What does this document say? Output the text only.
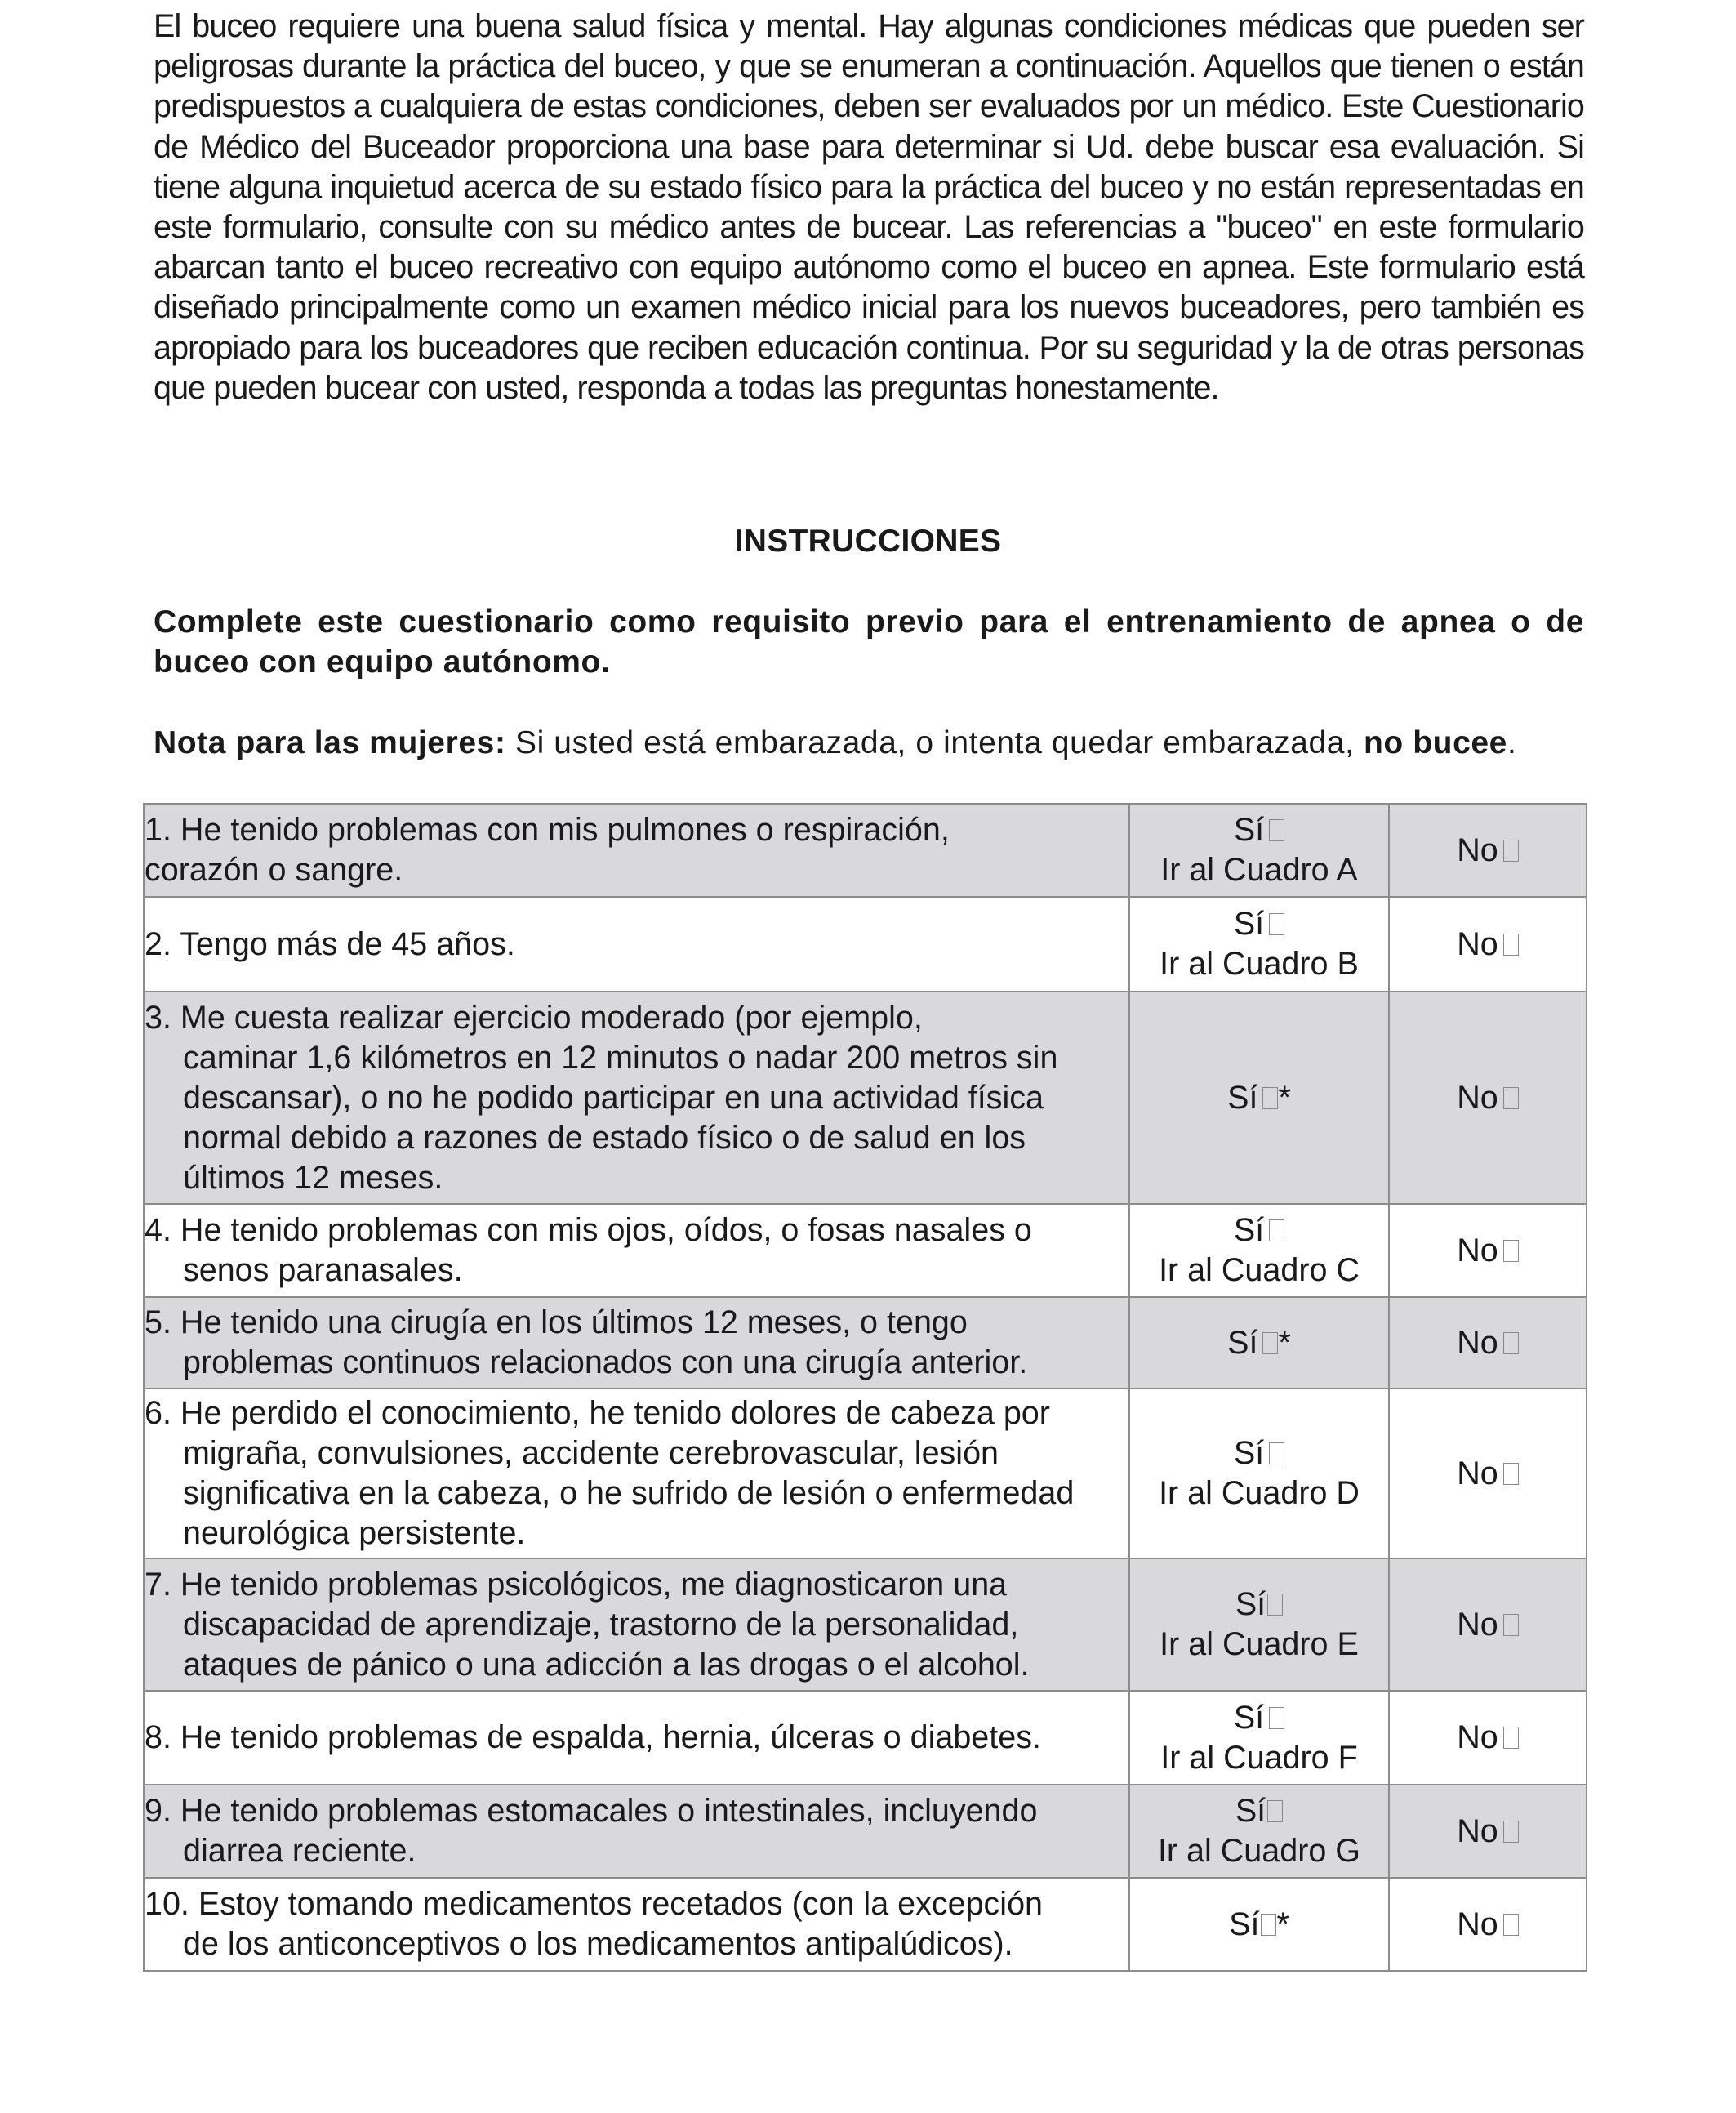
El buceo requiere una buena salud física y mental. Hay algunas condiciones médicas que pueden ser peligrosas durante la práctica del buceo, y que se enumeran a continuación. Aquellos que tienen o están predispuestos a cualquiera de estas condiciones, deben ser evaluados por un médico. Este Cuestionario de Médico del Buceador proporciona una base para determinar si Ud. debe buscar esa evaluación. Si tiene alguna inquietud acerca de su estado físico para la práctica del buceo y no están representadas en este formulario, consulte con su médico antes de bucear. Las referencias a "buceo" en este formulario abarcan tanto el buceo recreativo con equipo autónomo como el buceo en apnea. Este formulario está diseñado principalmente como un examen médico inicial para los nuevos buceadores, pero también es apropiado para los buceadores que reciben educación continua. Por su seguridad y la de otras personas que pueden bucear con usted, responda a todas las preguntas honestamente.

INSTRUCCIONES

Complete este cuestionario como requisito previo para el entrenamiento de apnea o de buceo con equipo autónomo.

Nota para las mujeres: Si usted está embarazada, o intenta quedar embarazada, no bucee.

1. He tenido problemas con mis pulmones o respiración,
corazón o sangre.	Sí
Ir al Cuadro A	No
2. Tengo más de 45 años.	Sí
Ir al Cuadro B	No
3. Me cuesta realizar ejercicio moderado (por ejemplo,
caminar 1,6 kilómetros en 12 minutos o nadar 200 metros sin descansar), o no he podido participar en una actividad física normal debido a razones de estado físico o de salud en los últimos 12 meses.	Sí *	No
4. He tenido problemas con mis ojos, oídos, o fosas nasales o
senos paranasales.	Sí
Ir al Cuadro C	No
5. He tenido una cirugía en los últimos 12 meses, o tengo
problemas continuos relacionados con una cirugía anterior.	Sí *	No
6. He perdido el conocimiento, he tenido dolores de cabeza por
migraña, convulsiones, accidente cerebrovascular, lesión significativa en la cabeza, o he sufrido de lesión o enfermedad neurológica persistente.	Sí
Ir al Cuadro D	No
7. He tenido problemas psicológicos, me diagnosticaron una
discapacidad de aprendizaje, trastorno de la personalidad, ataques de pánico o una adicción a las drogas o el alcohol.	Sí
Ir al Cuadro E	No
8. He tenido problemas de espalda, hernia, úlceras o diabetes.	Sí
Ir al Cuadro F	No
9. He tenido problemas estomacales o intestinales, incluyendo
diarrea reciente.	Sí
Ir al Cuadro G	No
10. Estoy tomando medicamentos recetados (con la excepción
de los anticonceptivos o los medicamentos antipalúdicos).	Sí *	No
